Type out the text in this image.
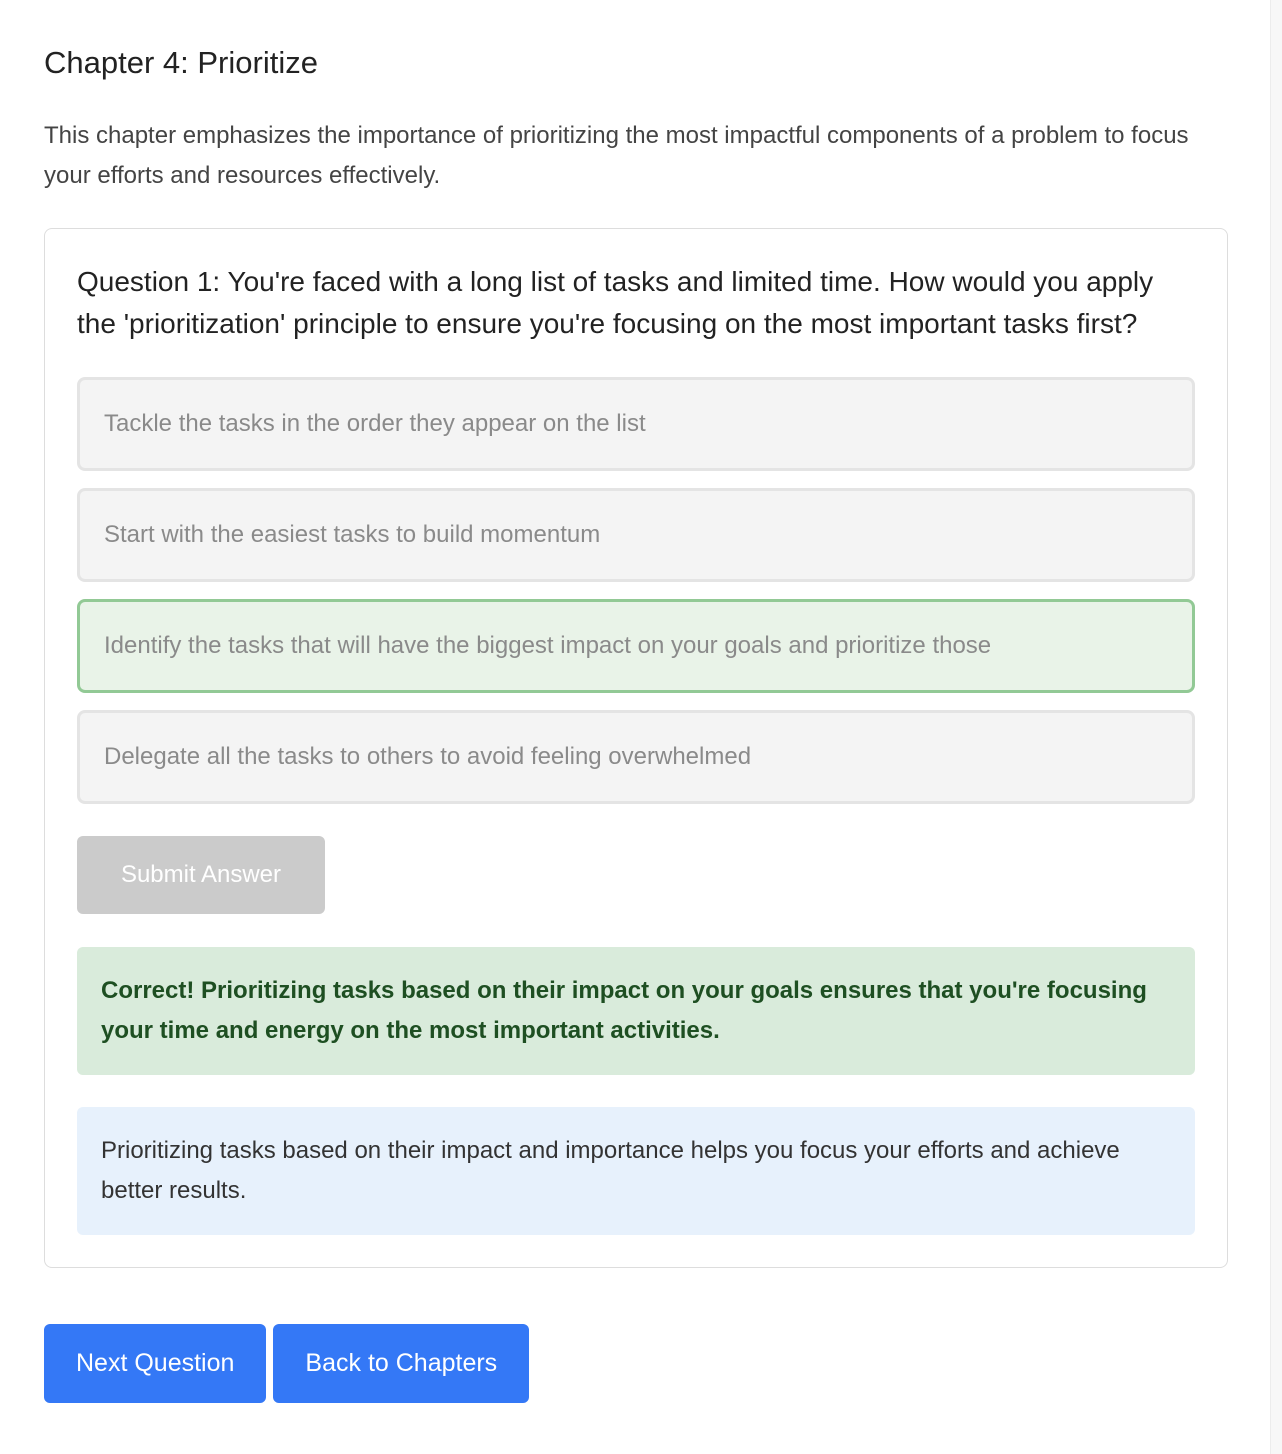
Chapter 4: Prioritize

This chapter emphasizes the importance of prioritizing the most impactful components of a problem to focus your efforts and resources effectively.

Question 1: You're faced with a long list of tasks and limited time. How would you apply the 'prioritization' principle to ensure you're focusing on the most important tasks first?
Tackle the tasks in the order they appear on the list
Start with the easiest tasks to build momentum
Identify the tasks that will have the biggest impact on your goals and prioritize those
Delegate all the tasks to others to avoid feeling overwhelmed
Submit Answer
Correct! Prioritizing tasks based on their impact on your goals ensures that you're focusing your time and energy on the most important activities.
Prioritizing tasks based on their impact and importance helps you focus your efforts and achieve better results.
Next Question	Back to Chapters
